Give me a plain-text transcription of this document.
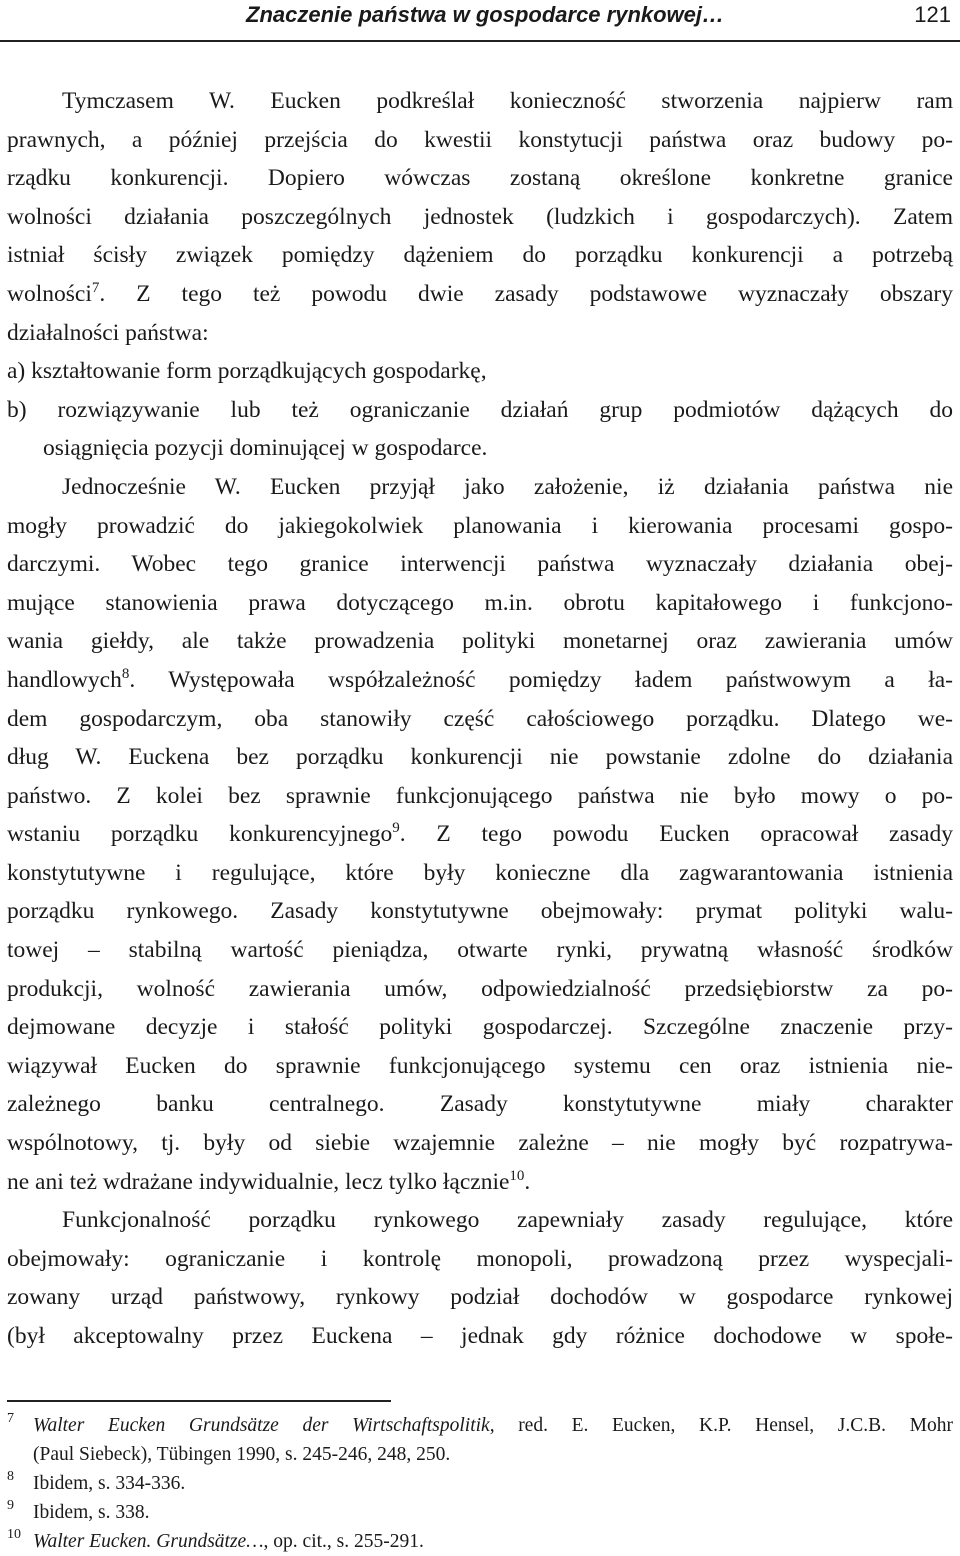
Znaczenie państwa w gospodarce rynkowej…	121
Tymczasem W. Eucken podkreślał konieczność stworzenia najpierw ram
prawnych, a później przejścia do kwestii konstytucji państwa oraz budowy po-
rządku konkurencji. Dopiero wówczas zostaną określone konkretne granice
wolności działania poszczególnych jednostek (ludzkich i gospodarczych). Zatem
istniał ścisły związek pomiędzy dążeniem do porządku konkurencji a potrzebą
wolności$^7$. Z tego też powodu dwie zasady podstawowe wyznaczały obszary
działalności państwa:
a) kształtowanie form porządkujących gospodarkę,
b) rozwiązywanie lub też ograniczanie działań grup podmiotów dążących do
osiągnięcia pozycji dominującej w gospodarce.
Jednocześnie W. Eucken przyjął jako założenie, iż działania państwa nie
mogły prowadzić do jakiegokolwiek planowania i kierowania procesami gospo-
darczymi. Wobec tego granice interwencji państwa wyznaczały działania obej-
mujące stanowienia prawa dotyczącego m.in. obrotu kapitałowego i funkcjono-
wania giełdy, ale także prowadzenia polityki monetarnej oraz zawierania umów
handlowych$^8$. Występowała współzależność pomiędzy ładem państwowym a ła-
dem gospodarczym, oba stanowiły część całościowego porządku. Dlatego we-
dług W. Euckena bez porządku konkurencji nie powstanie zdolne do działania
państwo. Z kolei bez sprawnie funkcjonującego państwa nie było mowy o po-
wstaniu porządku konkurencyjnego$^9$. Z tego powodu Eucken opracował zasady
konstytutywne i regulujące, które były konieczne dla zagwarantowania istnienia
porządku rynkowego. Zasady konstytutywne obejmowały: prymat polityki walu-
towej – stabilną wartość pieniądza, otwarte rynki, prywatną własność środków
produkcji, wolność zawierania umów, odpowiedzialność przedsiębiorstw za po-
dejmowane decyzje i stałość polityki gospodarczej. Szczególne znaczenie przy-
wiązywał Eucken do sprawnie funkcjonującego systemu cen oraz istnienia nie-
zależnego banku centralnego. Zasady konstytutywne miały charakter
wspólnotowy, tj. były od siebie wzajemnie zależne – nie mogły być rozpatrywa-
ne ani też wdrażane indywidualnie, lecz tylko łącznie$^{10}$.
Funkcjonalność porządku rynkowego zapewniały zasady regulujące, które
obejmowały: ograniczanie i kontrolę monopoli, prowadzoną przez wyspecjali-
zowany urząd państwowy, rynkowy podział dochodów w gospodarce rynkowej
(był akceptowalny przez Euckena – jednak gdy różnice dochodowe w społe-
7 Walter Eucken Grundsätze der Wirtschaftspolitik, red. E. Eucken, K.P. Hensel, J.C.B. Mohr
(Paul Siebeck), Tübingen 1990, s. 245-246, 248, 250.
8 Ibidem, s. 334-336.
9 Ibidem, s. 338.
10 Walter Eucken. Grundsätze…, op. cit., s. 255-291.
